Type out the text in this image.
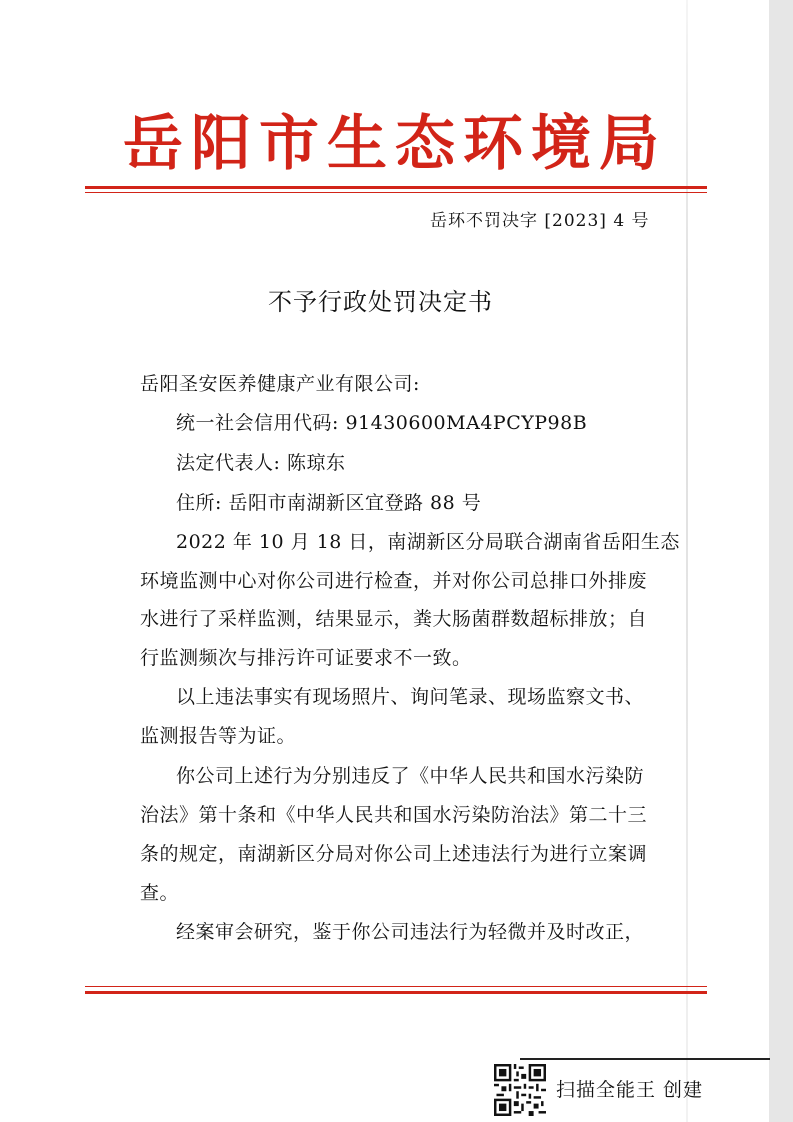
岳阳市生态环境局
岳环不罚决字 [2023] 4 号
不予行政处罚决定书
岳阳圣安医养健康产业有限公司:
统一社会信用代码: 91430600MA4PCYP98B
法定代表人: 陈琼东
住所: 岳阳市南湖新区宜登路 88 号
2022 年 10 月 18 日，南湖新区分局联合湖南省岳阳生态
环境监测中心对你公司进行检查，并对你公司总排口外排废
水进行了采样监测，结果显示，粪大肠菌群数超标排放；自
行监测频次与排污许可证要求不一致。
以上违法事实有现场照片、询问笔录、现场监察文书、
监测报告等为证。
你公司上述行为分别违反了《中华人民共和国水污染防
治法》第十条和《中华人民共和国水污染防治法》第二十三
条的规定，南湖新区分局对你公司上述违法行为进行立案调
查。
经案审会研究，鉴于你公司违法行为轻微并及时改正，
扫描全能王 创建
